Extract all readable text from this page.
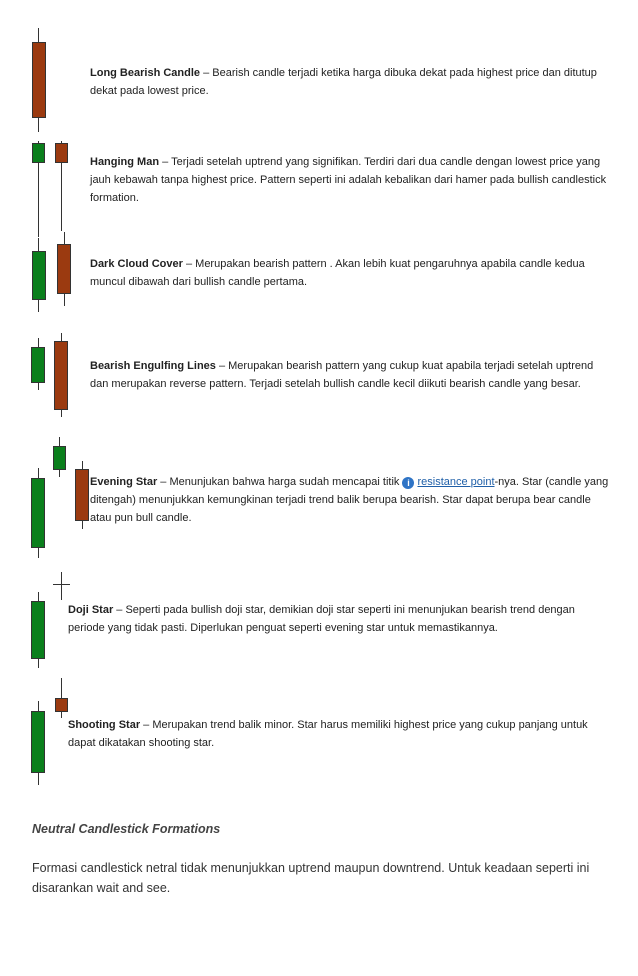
Long Bearish Candle – Bearish candle terjadi ketika harga dibuka dekat pada highest price dan ditutup dekat pada lowest price.
Hanging Man – Terjadi setelah uptrend yang signifikan. Terdiri dari dua candle dengan lowest price yang jauh kebawah tanpa highest price. Pattern seperti ini adalah kebalikan dari hamer pada bullish candlestick formation.
Dark Cloud Cover – Merupakan bearish pattern . Akan lebih kuat pengaruhnya apabila candle kedua muncul dibawah dari bullish candle pertama.
Bearish Engulfing Lines – Merupakan bearish pattern yang cukup kuat apabila terjadi setelah uptrend dan merupakan reverse pattern. Terjadi setelah bullish candle kecil diikuti bearish candle yang besar.
Evening Star – Menunjukan bahwa harga sudah mencapai titik i resistance point-nya. Star (candle yang ditengah) menunjukkan kemungkinan terjadi trend balik berupa bearish. Star dapat berupa bear candle atau pun bull candle.
Doji Star – Seperti pada bullish doji star, demikian doji star seperti ini menunjukan bearish trend dengan periode yang tidak pasti. Diperlukan penguat seperti evening star untuk memastikannya.
Shooting Star – Merupakan trend balik minor. Star harus memiliki highest price yang cukup panjang untuk dapat dikatakan shooting star.
Neutral Candlestick Formations
Formasi candlestick netral tidak menunjukkan uptrend maupun downtrend. Untuk keadaan seperti ini disarankan wait and see.
